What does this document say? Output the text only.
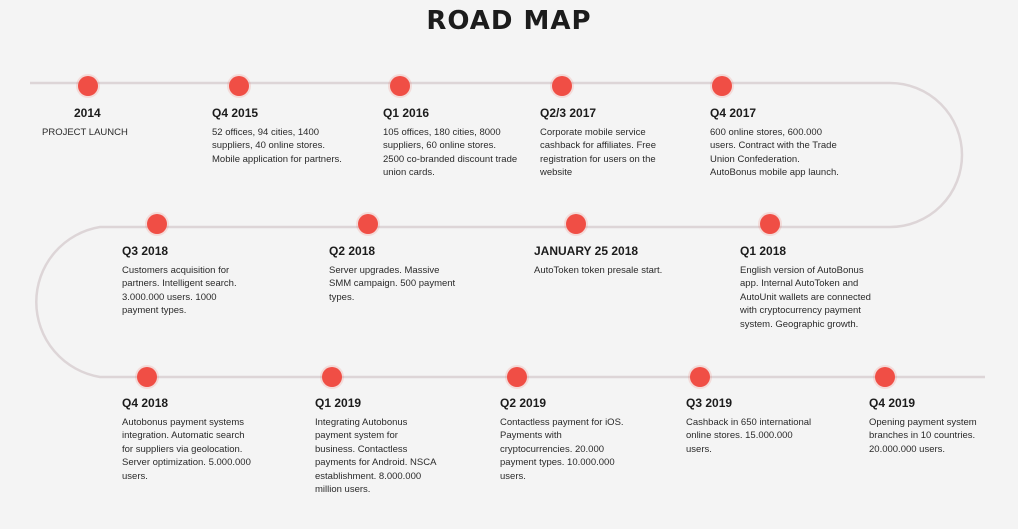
ROAD MAP
2014
PROJECT LAUNCH
Q4 2015
52 offices, 94 cities, 1400 suppliers, 40 online stores. Mobile application for partners.
Q1 2016
105 offices, 180 cities, 8000 suppliers, 60 online stores. 2500 co-branded discount trade union cards.
Q2/3 2017
Corporate mobile service cashback for affiliates. Free registration for users on the website
Q4 2017
600 online stores, 600.000 users. Contract with the Trade Union Confederation. AutoBonus mobile app launch.
Q3 2018
Customers acquisition for partners. Intelligent search. 3.000.000 users. 1000 payment types.
Q2 2018
Server upgrades. Massive SMM campaign. 500 payment types.
JANUARY 25 2018
AutoToken token presale start.
Q1 2018
English version of AutoBonus app. Internal AutoToken and AutoUnit wallets are connected with cryptocurrency payment system. Geographic growth.
Q4 2018
Autobonus payment systems integration. Automatic search for suppliers via geolocation. Server optimization. 5.000.000 users.
Q1 2019
Integrating Autobonus payment system for business. Contactless payments for Android. NSCA establishment. 8.000.000 million users.
Q2 2019
Contactless payment for iOS. Payments with cryptocurrencies. 20.000 payment types. 10.000.000 users.
Q3 2019
Cashback in 650 international online stores. 15.000.000 users.
Q4 2019
Opening payment system branches in 10 countries. 20.000.000 users.
